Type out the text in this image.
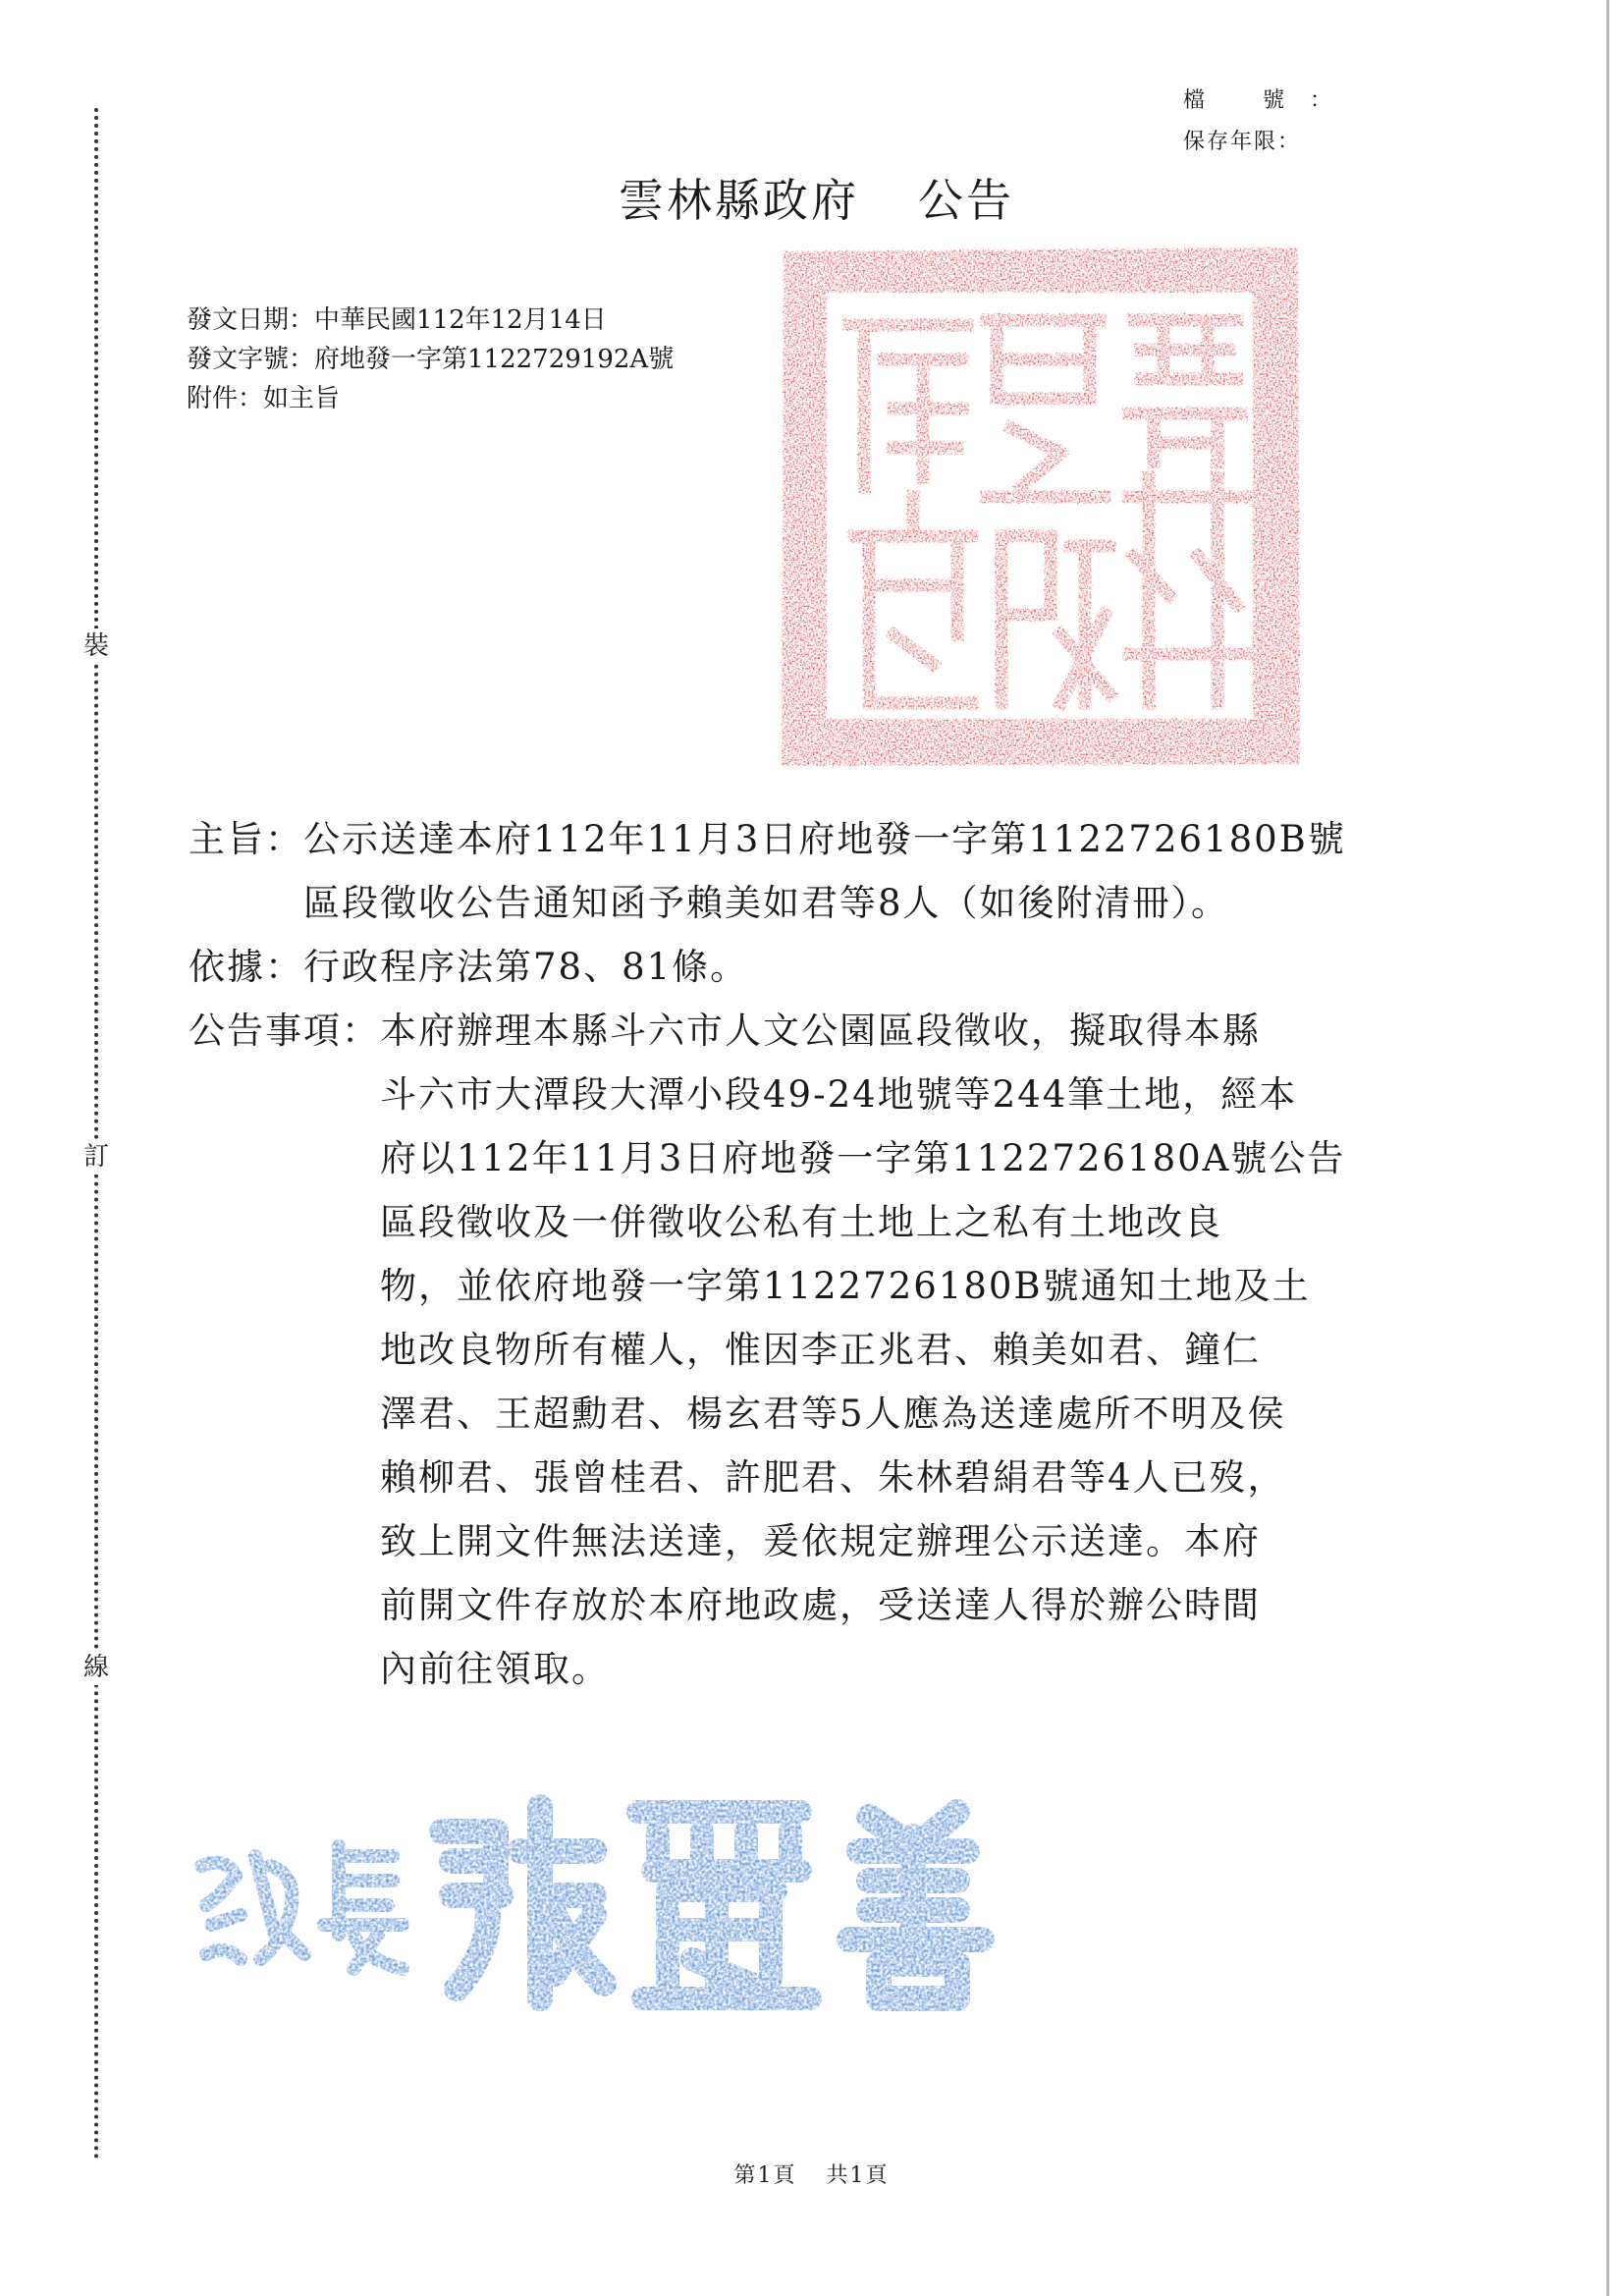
裝
訂
線
檔 號：
保存年限：
雲林縣政府 公告
發文日期：中華民國112年12月14日
發文字號：府地發一字第1122729192A號
附件：如主旨
主旨： 公示送達本府112年11月3日府地發一字第1122726180B號
區段徵收公告通知函予賴美如君等8人（如後附清冊）。
依據： 行政程序法第78、81條。
公告事項： 本府辦理本縣斗六市人文公園區段徵收，擬取得本縣
斗六市大潭段大潭小段49-24地號等244筆土地，經本
府以112年11月3日府地發一字第1122726180A號公告
區段徵收及一併徵收公私有土地上之私有土地改良
物，並依府地發一字第1122726180B號通知土地及土
地改良物所有權人，惟因李正兆君、賴美如君、鐘仁
澤君、王超勳君、楊玄君等5人應為送達處所不明及侯
賴柳君、張曾桂君、許肥君、朱林碧絹君等4人已歿，
致上開文件無法送達，爰依規定辦理公示送達。本府
前開文件存放於本府地政處，受送達人得於辦公時間
內前往領取。
第1頁 共1頁
